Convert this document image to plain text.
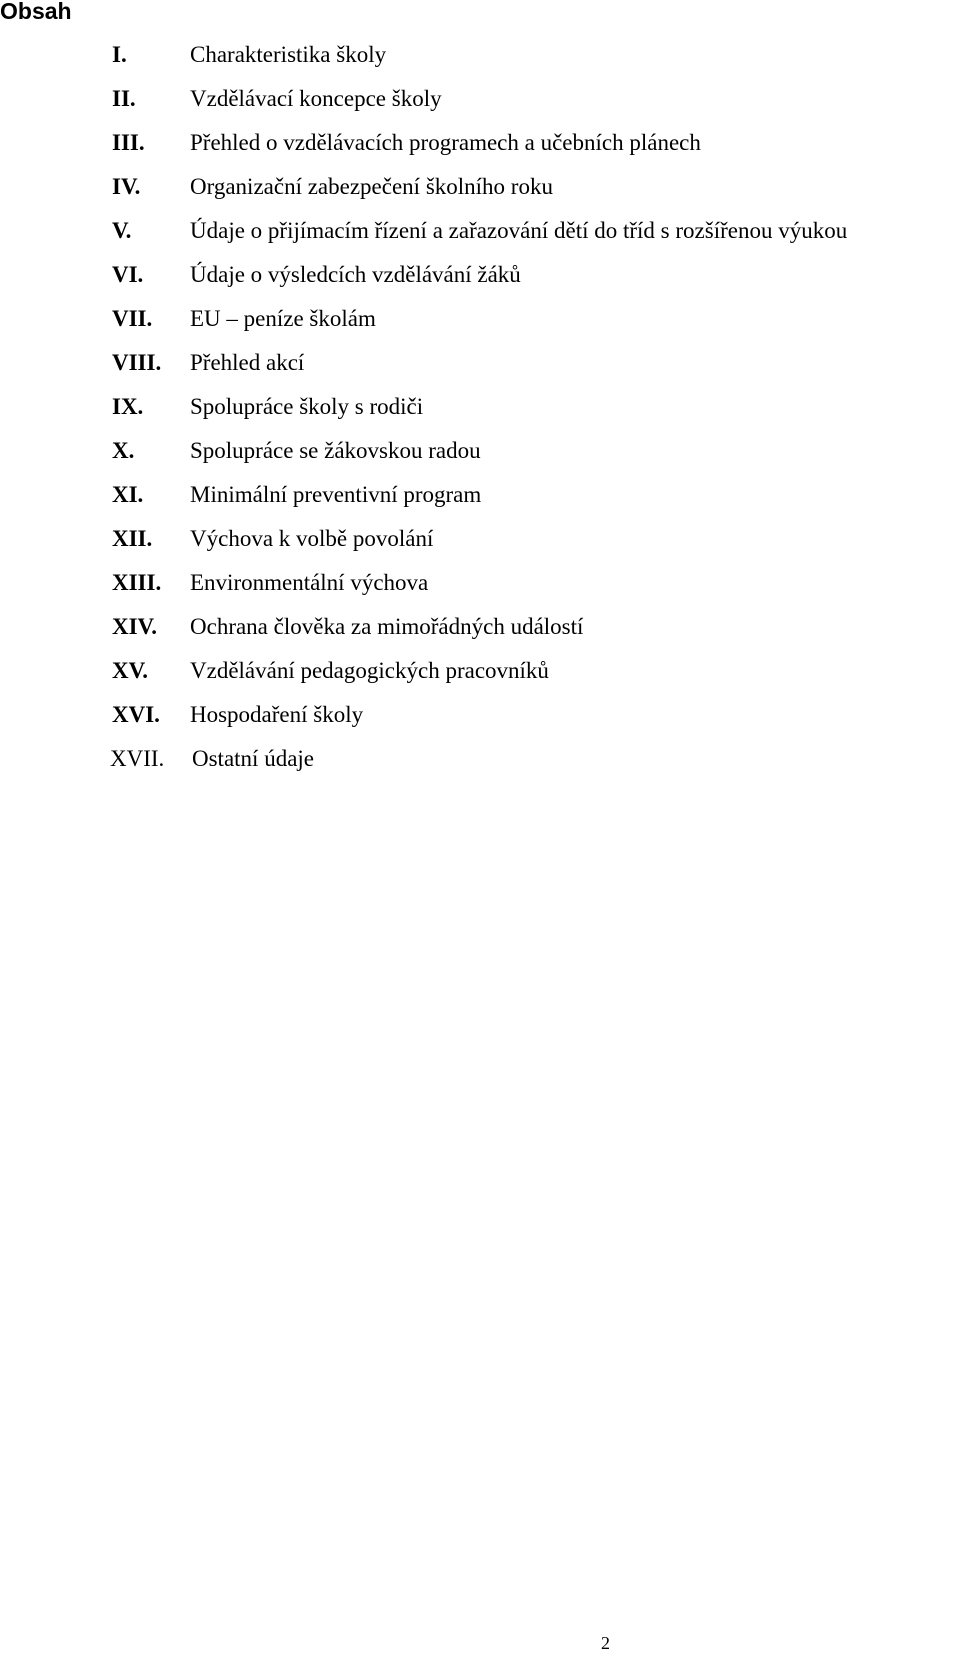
Obsah
I.	Charakteristika školy
II. Vzdělávací koncepce školy
III. Přehled o vzdělávacích programech a učebních plánech
IV. Organizační zabezpečení školního roku
V.	Údaje o přijímacím řízení a zařazování dětí do tříd s rozšířenou výukou
VI. Údaje o výsledcích vzdělávání žáků
VII. EU – peníze školám
VIII. Přehled akcí
IX. Spolupráce školy s rodiči
X. Spolupráce se žákovskou radou
XI. Minimální preventivní program
XII. Výchova k volbě povolání
XIII. Environmentální výchova
XIV. Ochrana člověka za mimořádných událostí
XV. Vzdělávání pedagogických pracovníků
XVI. Hospodaření školy
XVII. Ostatní údaje
2
